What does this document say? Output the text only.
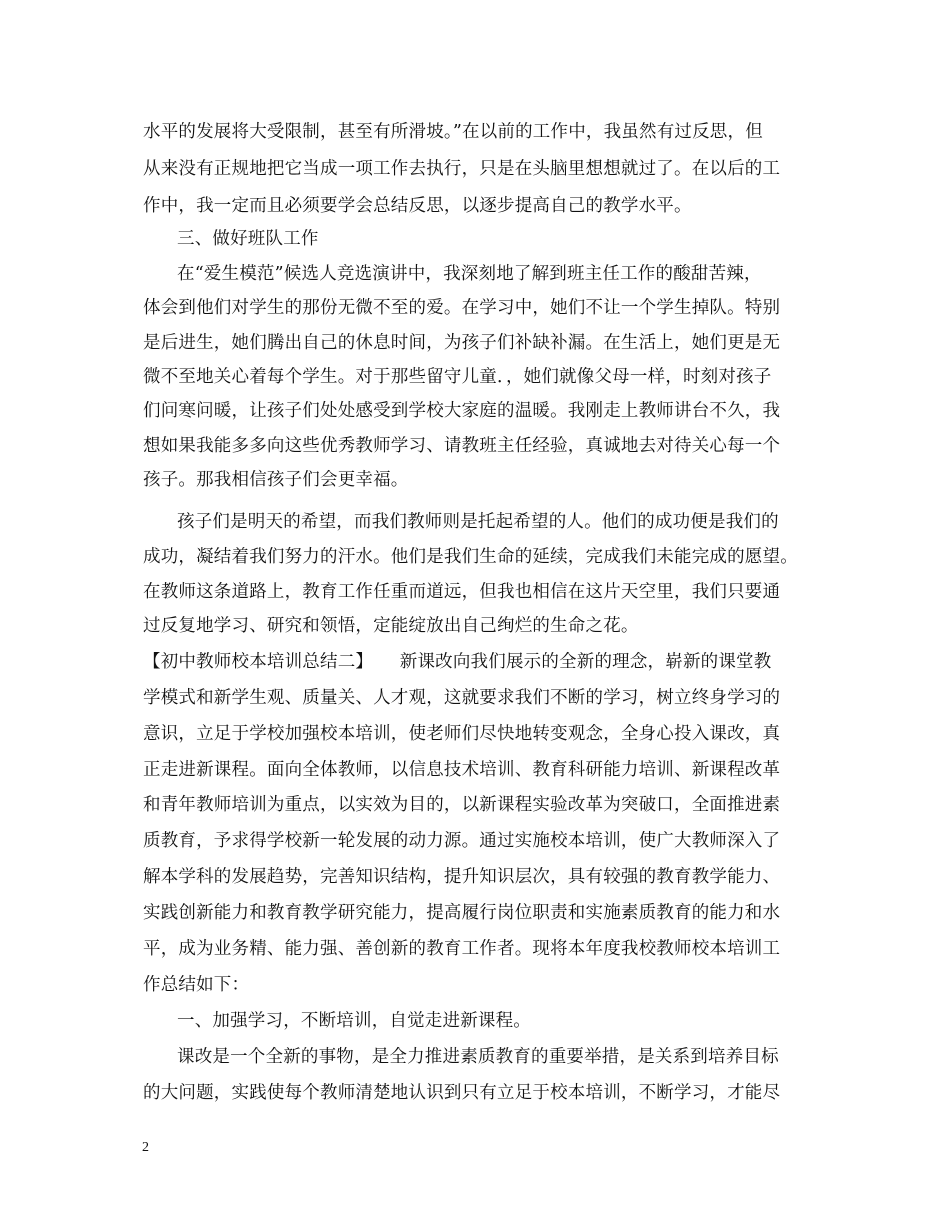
水平的发展将大受限制，甚至有所滑坡。”在以前的工作中，我虽然有过反思，但
从来没有正规地把它当成一项工作去执行，只是在头脑里想想就过了。在以后的工
作中，我一定而且必须要学会总结反思，以逐步提高自己的教学水平。
三、做好班队工作
在“爱生模范”候选人竞选演讲中，我深刻地了解到班主任工作的酸甜苦辣，
体会到他们对学生的那份无微不至的爱。在学习中，她们不让一个学生掉队。特别
是后进生，她们腾出自己的休息时间，为孩子们补缺补漏。在生活上，她们更是无
微不至地关心着每个学生。对于那些留守儿童．，她们就像父母一样，时刻对孩子
们问寒问暖，让孩子们处处感受到学校大家庭的温暖。我刚走上教师讲台不久，我
想如果我能多多向这些优秀教师学习、请教班主任经验，真诚地去对待关心每一个
孩子。那我相信孩子们会更幸福。
孩子们是明天的希望，而我们教师则是托起希望的人。他们的成功便是我们的
成功，凝结着我们努力的汗水。他们是我们生命的延续，完成我们未能完成的愿望。
在教师这条道路上，教育工作任重而道远，但我也相信在这片天空里，我们只要通
过反复地学习、研究和领悟，定能绽放出自己绚烂的生命之花。
【初中教师校本培训总结二】　　新课改向我们展示的全新的理念，崭新的课堂教
学模式和新学生观、质量关、人才观，这就要求我们不断的学习，树立终身学习的
意识，立足于学校加强校本培训，使老师们尽快地转变观念，全身心投入课改，真
正走进新课程。面向全体教师，以信息技术培训、教育科研能力培训、新课程改革
和青年教师培训为重点，以实效为目的，以新课程实验改革为突破口，全面推进素
质教育，予求得学校新一轮发展的动力源。通过实施校本培训，使广大教师深入了
解本学科的发展趋势，完善知识结构，提升知识层次，具有较强的教育教学能力、
实践创新能力和教育教学研究能力，提高履行岗位职责和实施素质教育的能力和水
平，成为业务精、能力强、善创新的教育工作者。现将本年度我校教师校本培训工
作总结如下：
一、加强学习，不断培训，自觉走进新课程。
课改是一个全新的事物，是全力推进素质教育的重要举措，是关系到培养目标
的大问题，实践使每个教师清楚地认识到只有立足于校本培训，不断学习，才能尽
2
